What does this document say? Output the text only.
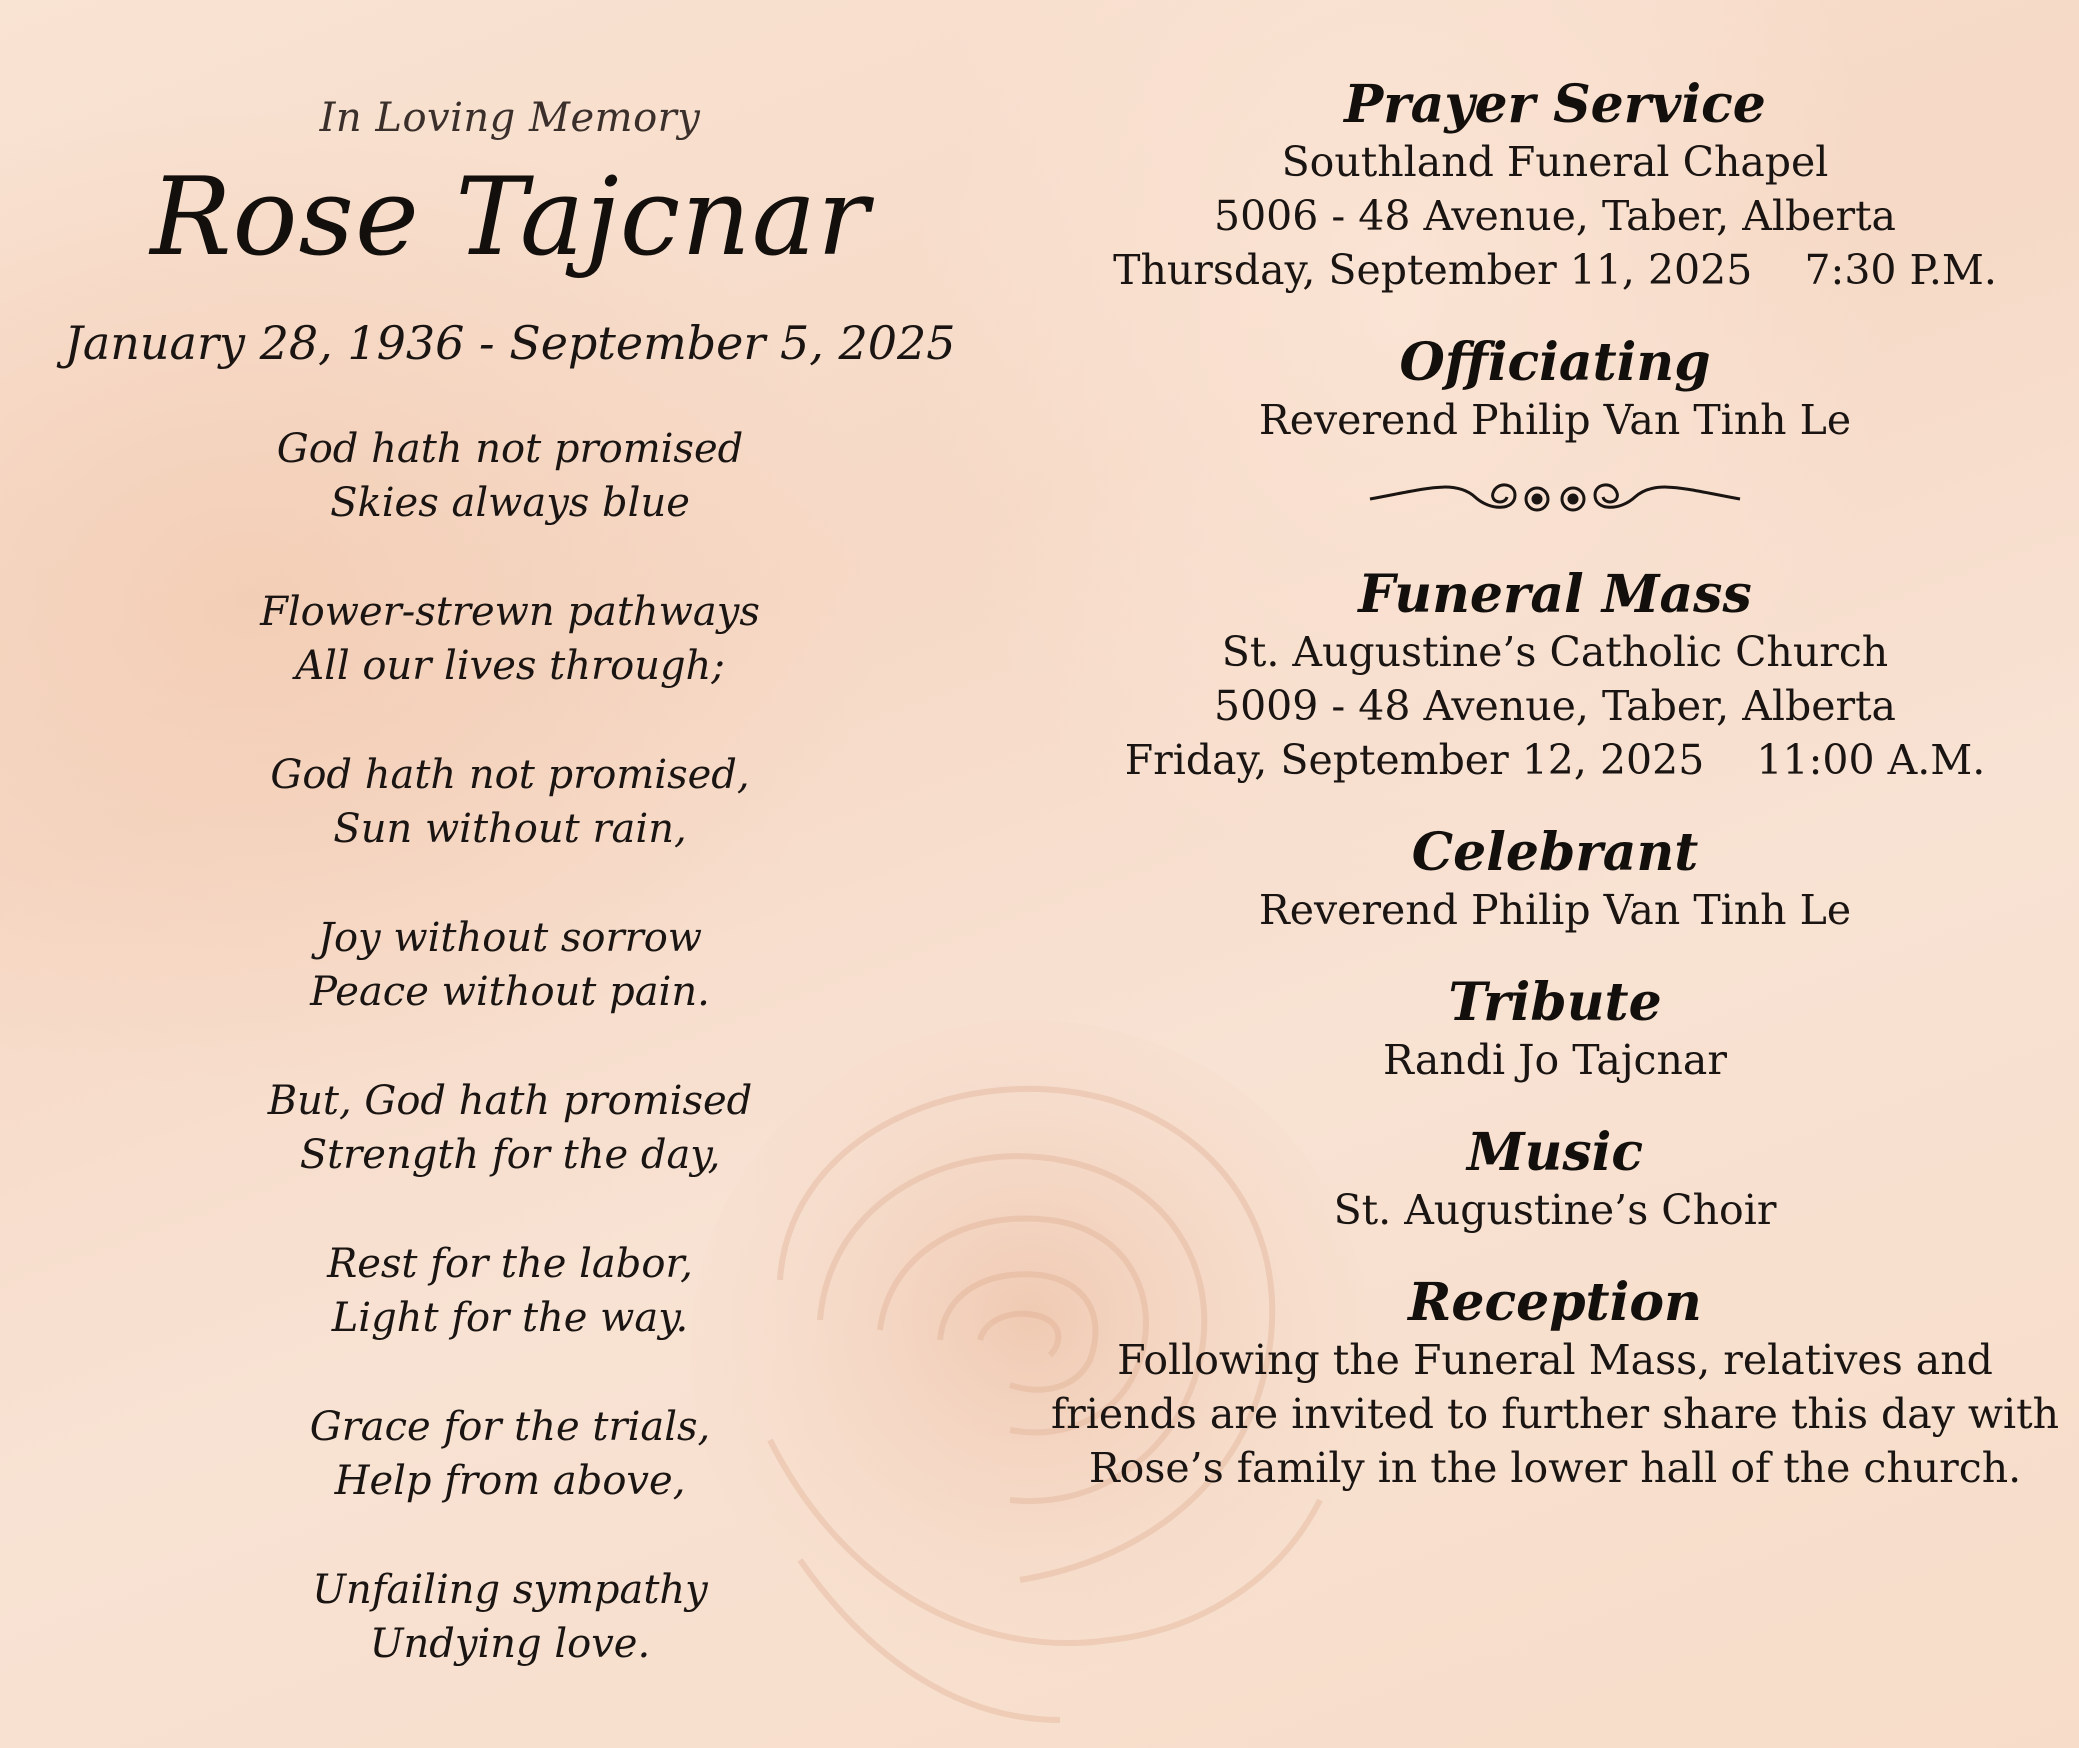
In Loving Memory
Rose Tajcnar
January 28, 1936 - September 5, 2025
God hath not promised
Skies always blue
Flower-strewn pathways
All our lives through;
God hath not promised,
Sun without rain,
Joy without sorrow
Peace without pain.
But, God hath promised
Strength for the day,
Rest for the labor,
Light for the way.
Grace for the trials,
Help from above,
Unfailing sympathy
Undying love.
Prayer Service
Southland Funeral Chapel
5006 - 48 Avenue, Taber, Alberta
Thursday, September 11, 2025    7:30 P.M.
Officiating
Reverend Philip Van Tinh Le
Funeral Mass
St. Augustine’s Catholic Church
5009 - 48 Avenue, Taber, Alberta
Friday, September 12, 2025    11:00 A.M.
Celebrant
Reverend Philip Van Tinh Le
Tribute
Randi Jo Tajcnar
Music
St. Augustine’s Choir
Reception
Following the Funeral Mass, relatives and
friends are invited to further share this day with
Rose’s family in the lower hall of the church.
